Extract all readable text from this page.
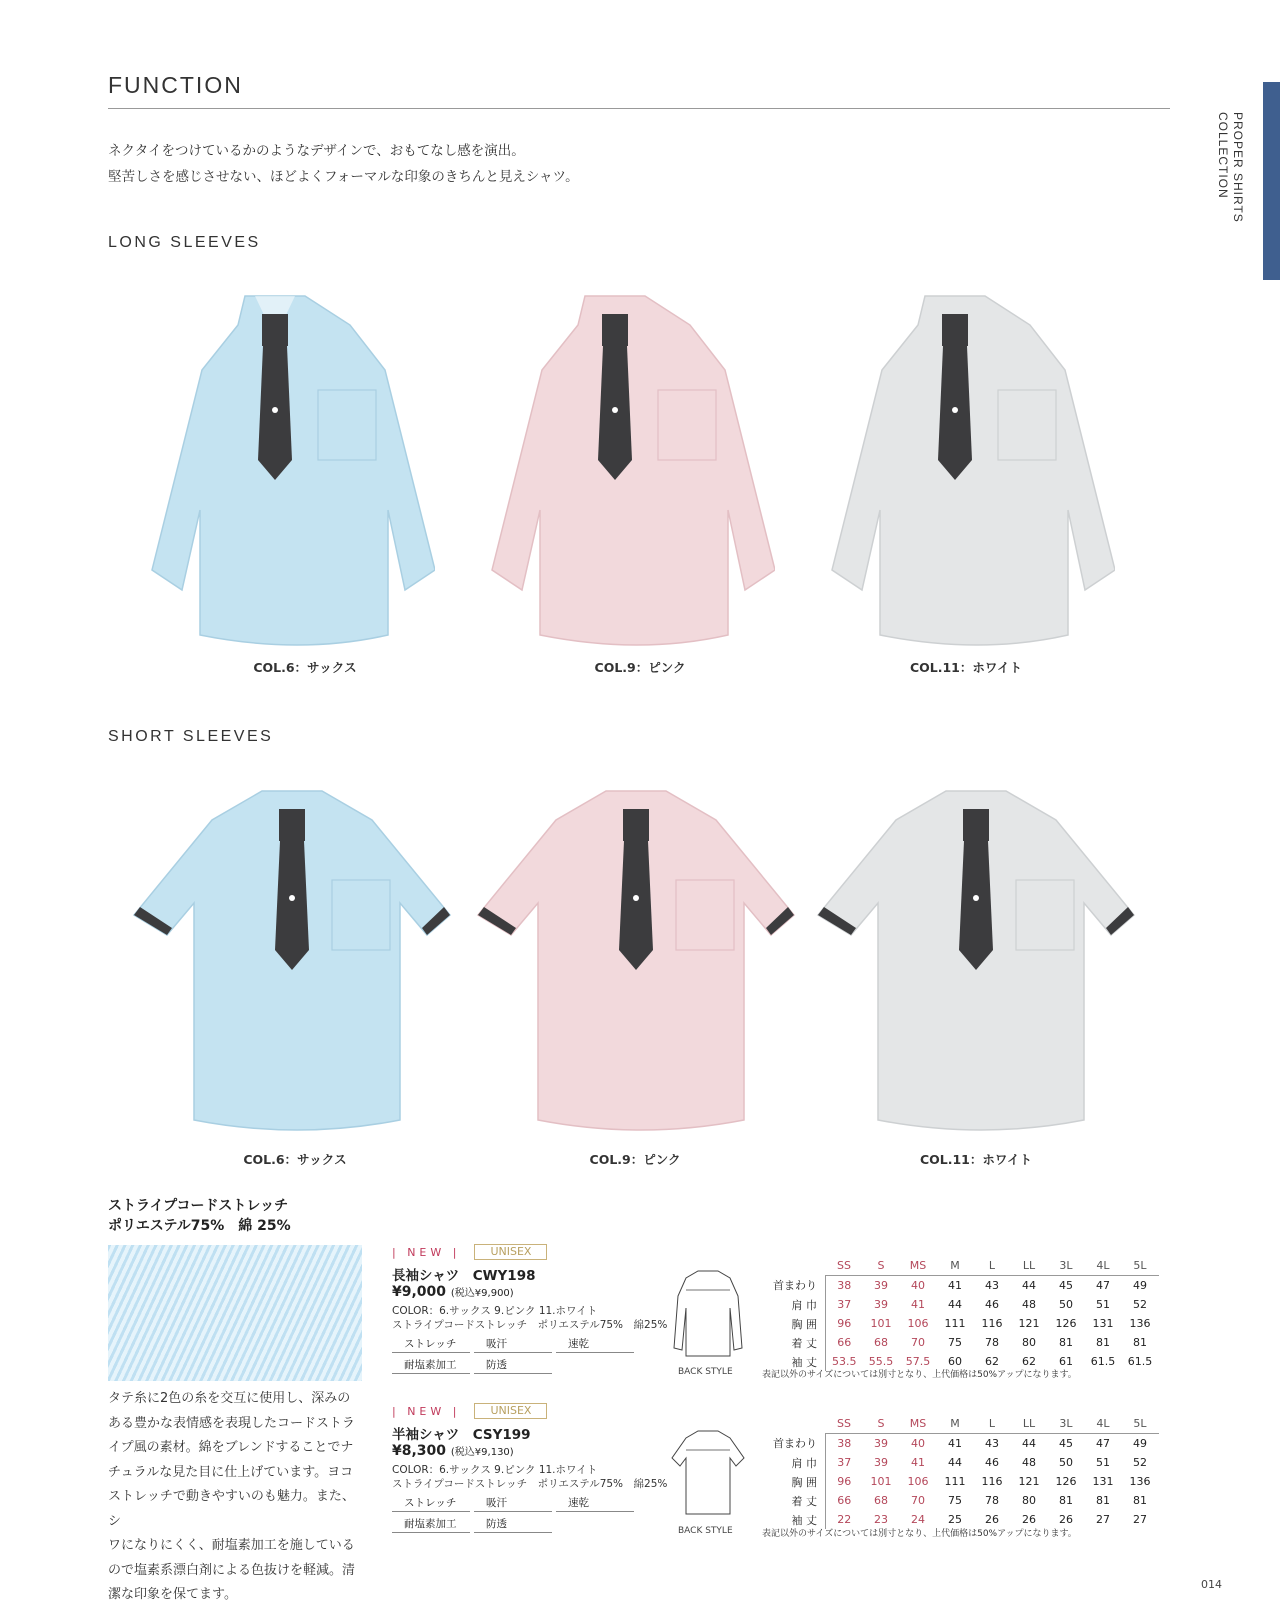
FUNCTION
PROPER SHIRTS
COLLECTION
ネクタイをつけているかのようなデザインで、おもてなし感を演出。
堅苦しさを感じさせない、ほどよくフォーマルな印象のきちんと見えシャツ。
LONG SLEEVES
COL.6：サックス	COL.9：ピンク	COL.11：ホワイト
SHORT SLEEVES
COL.6：サックス	COL.9：ピンク	COL.11：ホワイト
ストライプコードストレッチ
ポリエステル75%　綿 25%
タテ糸に2色の糸を交互に使用し、深みの
ある豊かな表情感を表現したコードストラ
イプ風の素材。綿をブレンドすることでナ
チュラルな見た目に仕上げています。ヨコ
ストレッチで動きやすいのも魅力。また、シ
ワになりにくく、耐塩素加工を施している
ので塩素系漂白剤による色抜けを軽減。清
潔な印象を保てます。
| NEW |	UNISEX
長袖シャツ　CWY198
¥9,000 (税込¥9,900)
COLOR：6.サックス 9.ピンク 11.ホワイト
ストライプコードストレッチ　ポリエステル75%　綿25%
ストレッチ	吸汗	速乾
耐塩素加工	防透
BACK STYLE
	SS	S	MS	M	L	LL	3L	4L	5L
首まわり	38	39	40	41	43	44	45	47	49
肩 巾	37	39	41	44	46	48	50	51	52
胸 囲	96	101	106	111	116	121	126	131	136
着 丈	66	68	70	75	78	80	81	81	81
袖 丈	53.5	55.5	57.5	60	62	62	61	61.5	61.5
表記以外のサイズについては別寸となり、上代価格は50%アップになります。
| NEW |	UNISEX
半袖シャツ　CSY199
¥8,300 (税込¥9,130)
COLOR：6.サックス 9.ピンク 11.ホワイト
ストライプコードストレッチ　ポリエステル75%　綿25%
ストレッチ	吸汗	速乾
耐塩素加工	防透
BACK STYLE
	SS	S	MS	M	L	LL	3L	4L	5L
首まわり	38	39	40	41	43	44	45	47	49
肩 巾	37	39	41	44	46	48	50	51	52
胸 囲	96	101	106	111	116	121	126	131	136
着 丈	66	68	70	75	78	80	81	81	81
袖 丈	22	23	24	25	26	26	26	27	27
表記以外のサイズについては別寸となり、上代価格は50%アップになります。
014
